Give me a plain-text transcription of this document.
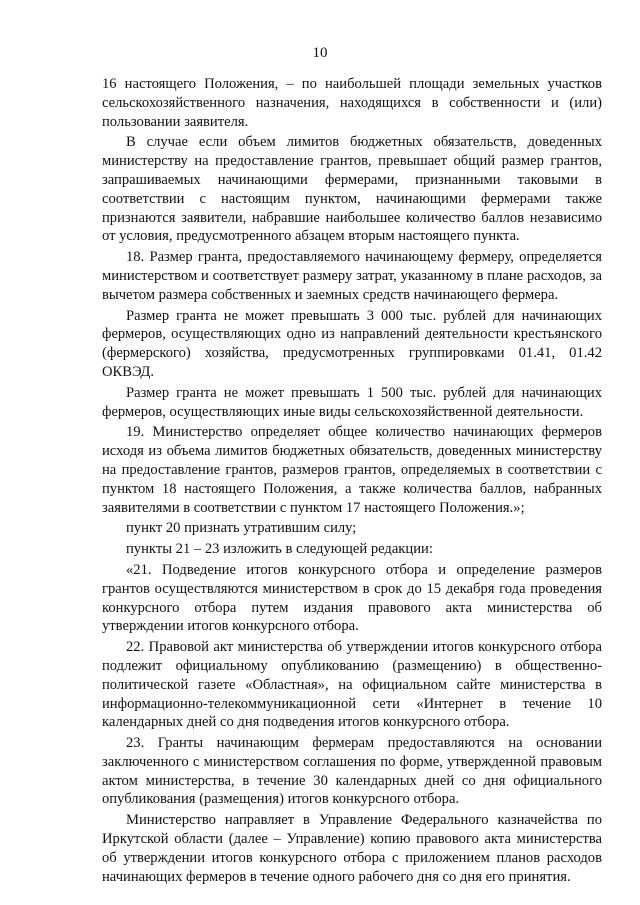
10

16 настоящего Положения, – по наибольшей площади земельных участков сельскохозяйственного назначения, находящихся в собственности и (или) пользовании заявителя.

В случае если объем лимитов бюджетных обязательств, доведенных министерству на предоставление грантов, превышает общий размер грантов, запрашиваемых начинающими фермерами, признанными таковыми в соответствии с настоящим пунктом, начинающими фермерами также признаются заявители, набравшие наибольшее количество баллов независимо от условия, предусмотренного абзацем вторым настоящего пункта.

18. Размер гранта, предоставляемого начинающему фермеру, определяется министерством и соответствует размеру затрат, указанному в плане расходов, за вычетом размера собственных и заемных средств начинающего фермера.

Размер гранта не может превышать 3 000 тыс. рублей для начинающих фермеров, осуществляющих одно из направлений деятельности крестьянского (фермерского) хозяйства, предусмотренных группировками 01.41, 01.42 ОКВЭД.

Размер гранта не может превышать 1 500 тыс. рублей для начинающих фермеров, осуществляющих иные виды сельскохозяйственной деятельности.

19. Министерство определяет общее количество начинающих фермеров исходя из объема лимитов бюджетных обязательств, доведенных министерству на предоставление грантов, размеров грантов, определяемых в соответствии с пунктом 18 настоящего Положения, а также количества баллов, набранных заявителями в соответствии с пунктом 17 настоящего Положения.»;

пункт 20 признать утратившим силу;

пункты 21 – 23 изложить в следующей редакции:

«21. Подведение итогов конкурсного отбора и определение размеров грантов осуществляются министерством в срок до 15 декабря года проведения конкурсного отбора путем издания правового акта министерства об утверждении итогов конкурсного отбора.

22. Правовой акт министерства об утверждении итогов конкурсного отбора подлежит официальному опубликованию (размещению) в общественно-политической газете «Областная», на официальном сайте министерства в информационно-телекоммуникационной сети «Интернет в течение 10 календарных дней со дня подведения итогов конкурсного отбора.

23. Гранты начинающим фермерам предоставляются на основании заключенного с министерством соглашения по форме, утвержденной правовым актом министерства, в течение 30 календарных дней со дня официального опубликования (размещения) итогов конкурсного отбора.

Министерство направляет в Управление Федерального казначейства по Иркутской области (далее – Управление) копию правового акта министерства об утверждении итогов конкурсного отбора с приложением планов расходов начинающих фермеров в течение одного рабочего дня со дня его принятия.
